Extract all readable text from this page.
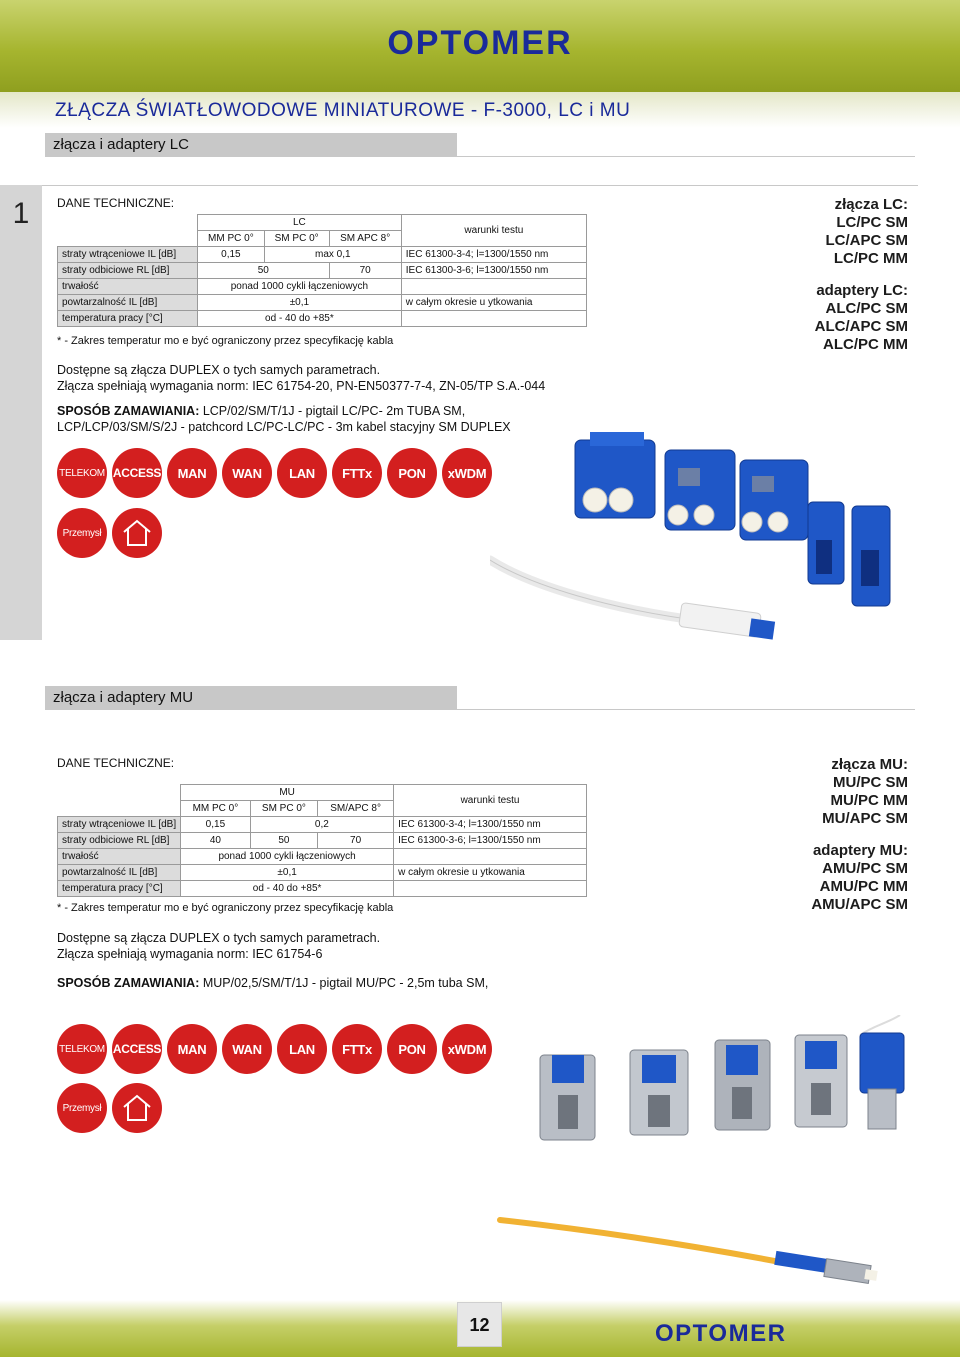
OPTOMER
ZŁĄCZA ŚWIATŁOWODOWE MINIATUROWE - F-3000, LC i MU
złącza i adaptery LC
1	DANE TECHNICZNE:
	LC			warunki testu
	MM PC 0°	SM PC 0°	SM APC 8°	
straty wtrąceniowe IL [dB]	0,15	max 0,1		IEC 61300-3-4; l=1300/1550 nm
straty odbiciowe RL [dB]	50		70	IEC 61300-3-6; l=1300/1550 nm
trwałość	ponad 1000 cykli łączeniowych			
powtarzalność IL [dB]	±0,1			w całym okresie u ytkowania
temperatura pracy [°C]	od - 40 do +85*			
* - Zakres temperatur mo e być ograniczony przez specyfikację kabla
Dostępne są złącza DUPLEX o tych samych parametrach.
Złącza spełniają wymagania norm: IEC 61754-20, PN-EN50377-7-4, ZN-05/TP S.A.-044
SPOSÓB ZAMAWIANIA: LCP/02/SM/T/1J - pigtail LC/PC- 2m TUBA SM,
LCP/LCP/03/SM/S/2J - patchcord LC/PC-LC/PC - 3m kabel stacyjny SM DUPLEX
złącza LC:
LC/PC SM
LC/APC SM
LC/PC MM
adaptery LC:
ALC/PC SM
ALC/APC SM
ALC/PC MM
TELEKOM ACCESS	MAN	WAN	LAN	FTTx	PON	xWDM
Przemysł
złącza i adaptery MU
DANE TECHNICZNE:
	MU			warunki testu
	MM PC 0°	SM PC 0°	SM/APC 8°	
straty wtrąceniowe IL [dB]	0,15	0,2		IEC 61300-3-4; l=1300/1550 nm
straty odbiciowe RL [dB]	40	50	70	IEC 61300-3-6; l=1300/1550 nm
trwałość	ponad 1000 cykli łączeniowych			
powtarzalność IL [dB]	±0,1			w całym okresie u ytkowania
temperatura pracy [°C]	od - 40 do +85*			
* - Zakres temperatur mo e być ograniczony przez specyfikację kabla
Dostępne są złącza DUPLEX o tych samych parametrach.
Złącza spełniają wymagania norm: IEC 61754-6
SPOSÓB ZAMAWIANIA: MUP/02,5/SM/T/1J - pigtail MU/PC - 2,5m tuba SM,
złącza MU:
MU/PC SM
MU/PC MM
MU/APC SM
adaptery MU:
AMU/PC SM
AMU/PC MM
AMU/APC SM
TELEKOM ACCESS	MAN	WAN	LAN	FTTx	PON	xWDM
Przemysł
12	OPTOMER
